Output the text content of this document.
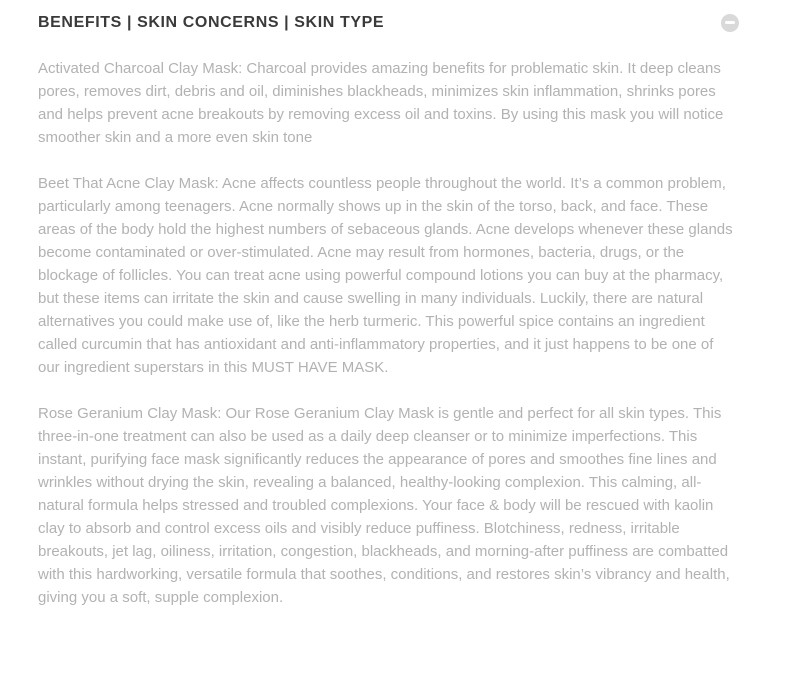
BENEFITS | SKIN CONCERNS | SKIN TYPE

Activated Charcoal Clay Mask: Charcoal provides amazing benefits for problematic skin. It deep cleans pores, removes dirt, debris and oil, diminishes blackheads, minimizes skin inflammation, shrinks pores and helps prevent acne breakouts by removing excess oil and toxins. By using this mask you will notice smoother skin and a more even skin tone

Beet That Acne Clay Mask: Acne affects countless people throughout the world. It’s a common problem, particularly among teenagers. Acne normally shows up in the skin of the torso, back, and face. These areas of the body hold the highest numbers of sebaceous glands. Acne develops whenever these glands become contaminated or over-stimulated. Acne may result from hormones, bacteria, drugs, or the blockage of follicles. You can treat acne using powerful compound lotions you can buy at the pharmacy, but these items can irritate the skin and cause swelling in many individuals. Luckily, there are natural alternatives you could make use of, like the herb turmeric. This powerful spice contains an ingredient called curcumin that has antioxidant and anti-inflammatory properties, and it just happens to be one of our ingredient superstars in this MUST HAVE MASK.

Rose Geranium Clay Mask: Our Rose Geranium Clay Mask is gentle and perfect for all skin types. This three-in-one treatment can also be used as a daily deep cleanser or to minimize imperfections. This instant, purifying face mask significantly reduces the appearance of pores and smoothes fine lines and wrinkles without drying the skin, revealing a balanced, healthy-looking complexion. This calming, all-natural formula helps stressed and troubled complexions. Your face & body will be rescued with kaolin clay to absorb and control excess oils and visibly reduce puffiness. Blotchiness, redness, irritable breakouts, jet lag, oiliness, irritation, congestion, blackheads, and morning-after puffiness are combatted with this hardworking, versatile formula that soothes, conditions, and restores skin’s vibrancy and health, giving you a soft, supple complexion.
